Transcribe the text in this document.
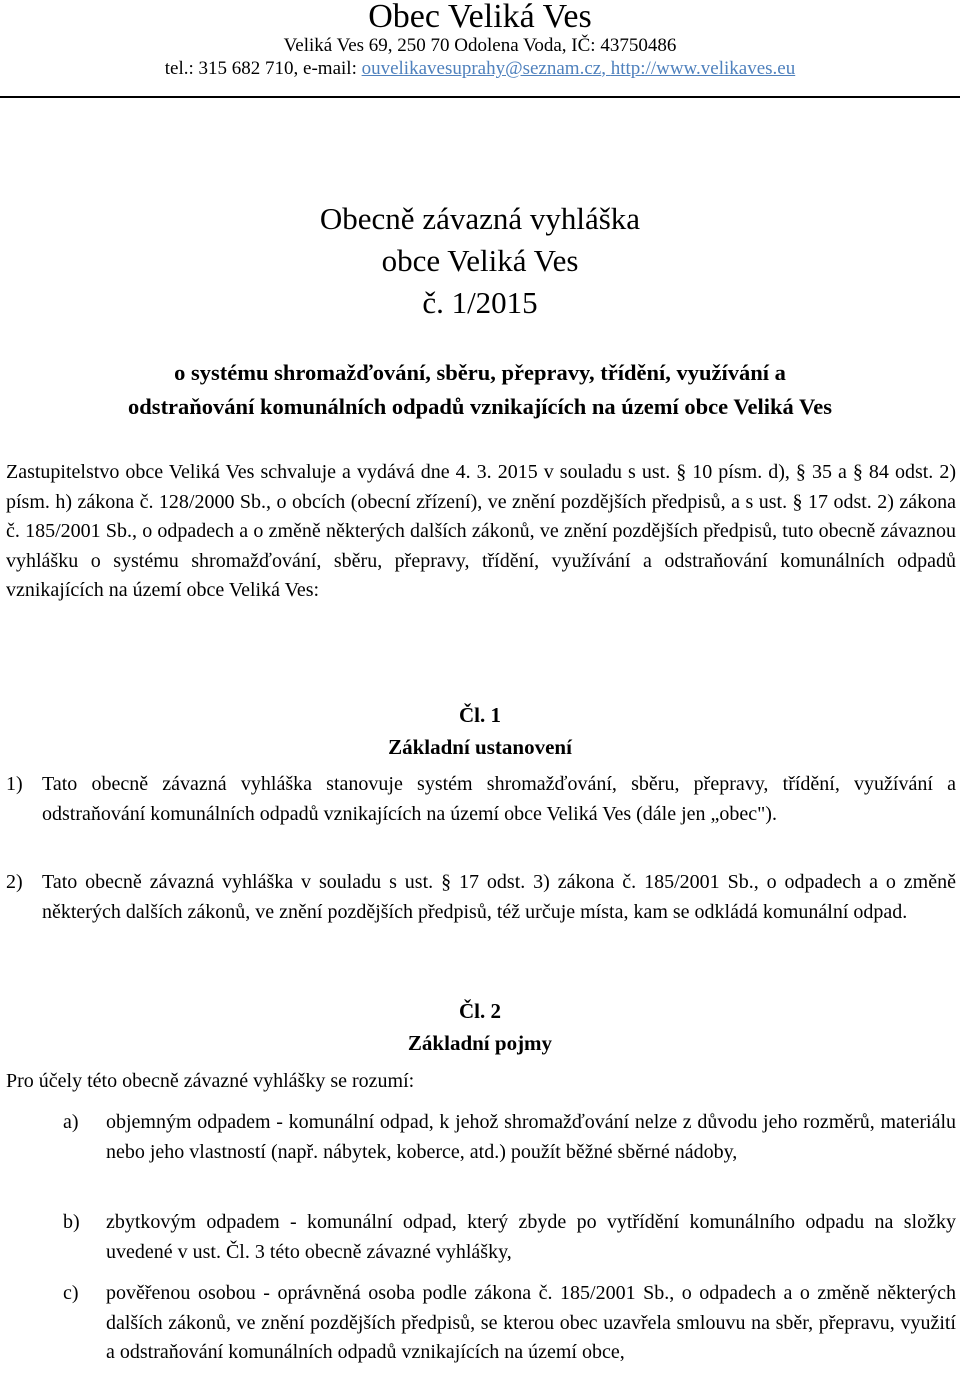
Obec Veliká Ves
Veliká Ves 69, 250 70 Odolena Voda, IČ: 43750486
tel.: 315 682 710, e-mail: ouvelikavesuprahy@seznam.cz, http://www.velikaves.eu
Obecně závazná vyhláška
obce Veliká Ves
č. 1/2015
o systému shromažďování, sběru, přepravy, třídění, využívání a
odstraňování komunálních odpadů vznikajících na území obce Veliká Ves
Zastupitelstvo obce Veliká Ves schvaluje a vydává dne 4. 3. 2015 v souladu s ust. § 10 písm. d), § 35 a § 84 odst. 2) písm. h) zákona č. 128/2000 Sb., o obcích (obecní zřízení), ve znění pozdějších předpisů, a s ust. § 17 odst. 2) zákona č. 185/2001 Sb., o odpadech a o změně některých dalších zákonů, ve znění pozdějších předpisů, tuto obecně závaznou vyhlášku o systému shromažďování, sběru, přepravy, třídění, využívání a odstraňování komunálních odpadů vznikajících na území obce Veliká Ves:
Čl. 1
Základní ustanovení
1) Tato obecně závazná vyhláška stanovuje systém shromažďování, sběru, přepravy, třídění, využívání a odstraňování komunálních odpadů vznikajících na území obce Veliká Ves (dále jen „obec").
2) Tato obecně závazná vyhláška v souladu s ust. § 17 odst. 3) zákona č. 185/2001 Sb., o odpadech a o změně některých dalších zákonů, ve znění pozdějších předpisů, též určuje místa, kam se odkládá komunální odpad.
Čl. 2
Základní pojmy
Pro účely této obecně závazné vyhlášky se rozumí:
a) objemným odpadem - komunální odpad, k jehož shromažďování nelze z důvodu jeho rozměrů, materiálu nebo jeho vlastností (např. nábytek, koberce, atd.) použít běžné sběrné nádoby,
b) zbytkovým odpadem - komunální odpad, který zbyde po vytřídění komunálního odpadu na složky uvedené v ust. Čl. 3 této obecně závazné vyhlášky,
c) pověřenou osobou - oprávněná osoba podle zákona č. 185/2001 Sb., o odpadech a o změně některých dalších zákonů, ve znění pozdějších předpisů, se kterou obec uzavřela smlouvu na sběr, přepravu, využití a odstraňování komunálních odpadů vznikajících na území obce,
